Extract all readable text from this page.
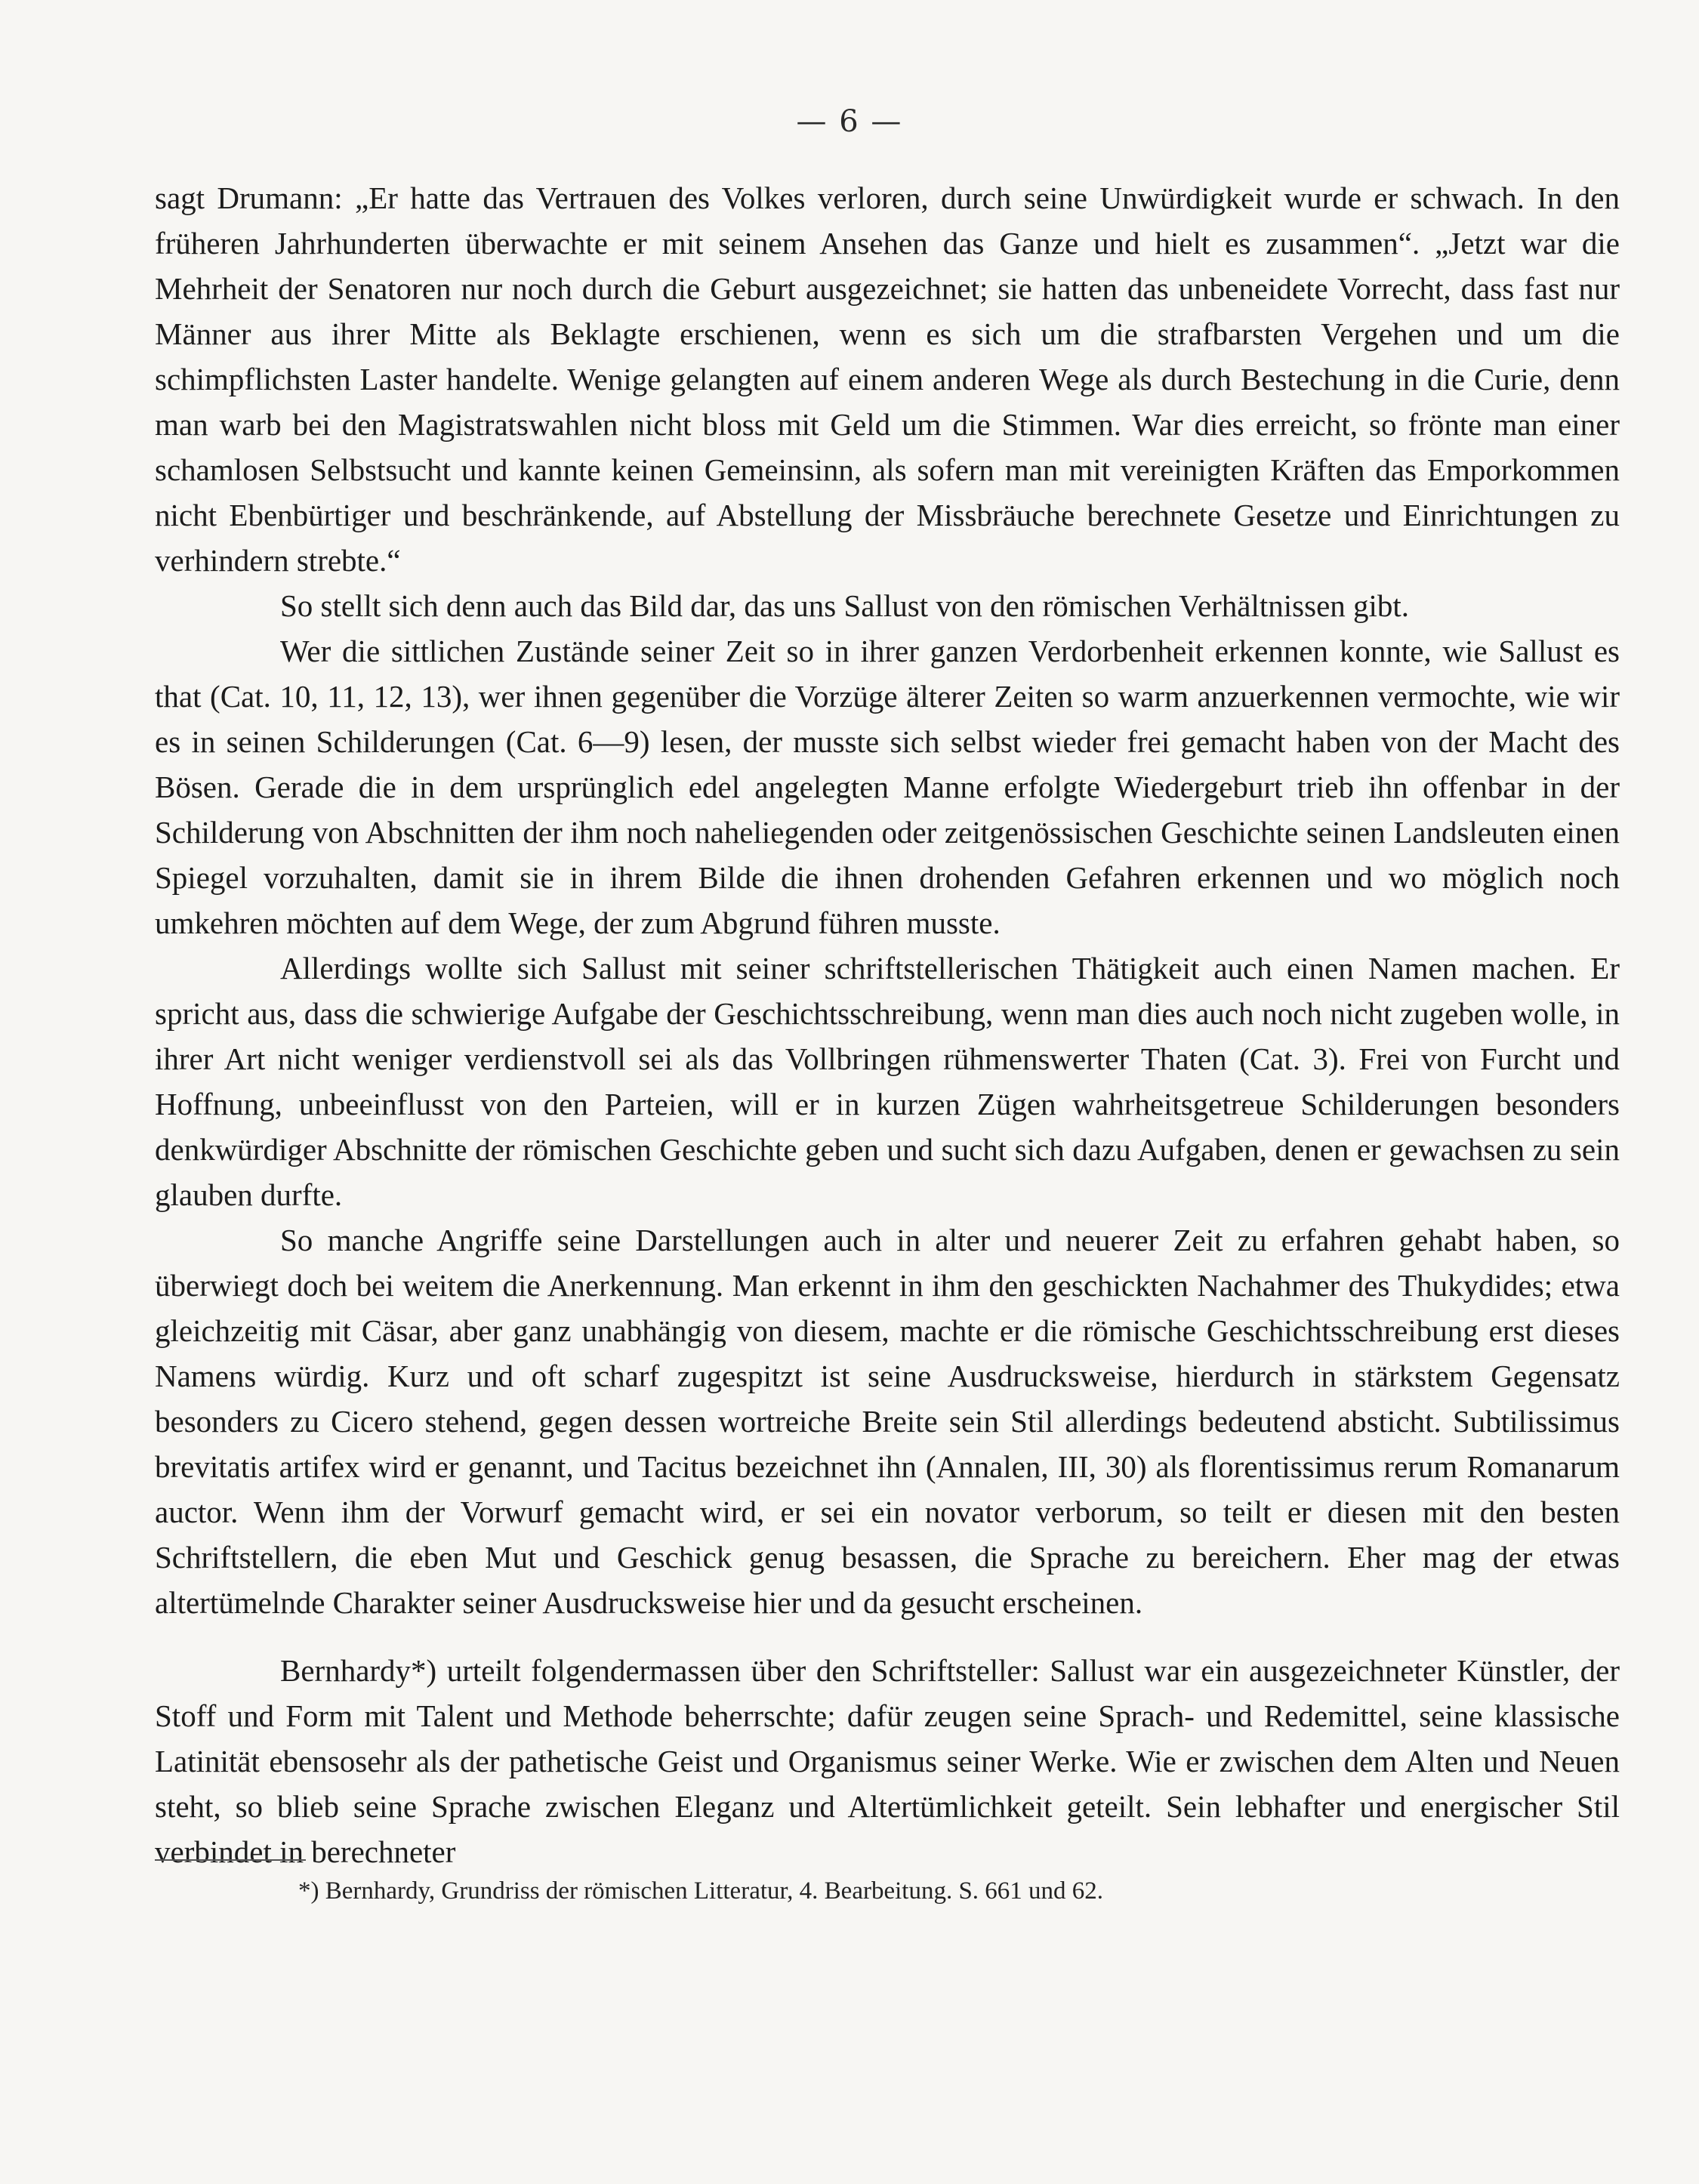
— 6 —

sagt Drumann: „Er hatte das Vertrauen des Volkes verloren, durch seine Unwürdigkeit wurde er schwach. In den früheren Jahrhunderten überwachte er mit seinem Ansehen das Ganze und hielt es zusammen“. „Jetzt war die Mehrheit der Senatoren nur noch durch die Geburt ausgezeichnet; sie hatten das unbeneidete Vorrecht, dass fast nur Männer aus ihrer Mitte als Beklagte erschienen, wenn es sich um die strafbarsten Vergehen und um die schimpflichsten Laster handelte. Wenige gelangten auf einem anderen Wege als durch Bestechung in die Curie, denn man warb bei den Magistratswahlen nicht bloss mit Geld um die Stimmen. War dies erreicht, so frönte man einer schamlosen Selbstsucht und kannte keinen Gemeinsinn, als sofern man mit vereinigten Kräften das Emporkommen nicht Ebenbürtiger und beschränkende, auf Abstellung der Missbräuche berechnete Gesetze und Einrichtungen zu verhindern strebte.“

So stellt sich denn auch das Bild dar, das uns Sallust von den römischen Verhältnissen gibt.

Wer die sittlichen Zustände seiner Zeit so in ihrer ganzen Verdorbenheit erkennen konnte, wie Sallust es that (Cat. 10, 11, 12, 13), wer ihnen gegenüber die Vorzüge älterer Zeiten so warm anzuerkennen vermochte, wie wir es in seinen Schilderungen (Cat. 6—9) lesen, der musste sich selbst wieder frei gemacht haben von der Macht des Bösen. Gerade die in dem ursprünglich edel angelegten Manne erfolgte Wiedergeburt trieb ihn offenbar in der Schilderung von Abschnitten der ihm noch naheliegenden oder zeitgenössischen Geschichte seinen Landsleuten einen Spiegel vorzuhalten, damit sie in ihrem Bilde die ihnen drohenden Gefahren erkennen und wo möglich noch umkehren möchten auf dem Wege, der zum Abgrund führen musste.

Allerdings wollte sich Sallust mit seiner schriftstellerischen Thätigkeit auch einen Namen machen. Er spricht aus, dass die schwierige Aufgabe der Geschichtsschreibung, wenn man dies auch noch nicht zugeben wolle, in ihrer Art nicht weniger verdienstvoll sei als das Vollbringen rühmenswerter Thaten (Cat. 3). Frei von Furcht und Hoffnung, unbeeinflusst von den Parteien, will er in kurzen Zügen wahrheitsgetreue Schilderungen besonders denkwürdiger Abschnitte der römischen Geschichte geben und sucht sich dazu Aufgaben, denen er gewachsen zu sein glauben durfte.

So manche Angriffe seine Darstellungen auch in alter und neuerer Zeit zu erfahren gehabt haben, so überwiegt doch bei weitem die Anerkennung. Man erkennt in ihm den geschickten Nachahmer des Thukydides; etwa gleichzeitig mit Cäsar, aber ganz unabhängig von diesem, machte er die römische Geschichtsschreibung erst dieses Namens würdig. Kurz und oft scharf zugespitzt ist seine Ausdrucksweise, hierdurch in stärkstem Gegensatz besonders zu Cicero stehend, gegen dessen wortreiche Breite sein Stil allerdings bedeutend absticht. Subtilissimus brevitatis artifex wird er genannt, und Tacitus bezeichnet ihn (Annalen, III, 30) als florentissimus rerum Romanarum auctor. Wenn ihm der Vorwurf gemacht wird, er sei ein novator verborum, so teilt er diesen mit den besten Schriftstellern, die eben Mut und Geschick genug besassen, die Sprache zu bereichern. Eher mag der etwas altertümelnde Charakter seiner Ausdrucksweise hier und da gesucht erscheinen.

Bernhardy*) urteilt folgendermassen über den Schriftsteller: Sallust war ein ausgezeichneter Künstler, der Stoff und Form mit Talent und Methode beherrschte; dafür zeugen seine Sprach- und Redemittel, seine klassische Latinität ebensosehr als der pathetische Geist und Organismus seiner Werke. Wie er zwischen dem Alten und Neuen steht, so blieb seine Sprache zwischen Eleganz und Altertümlichkeit geteilt. Sein lebhafter und energischer Stil verbindet in berechneter

*) Bernhardy, Grundriss der römischen Litteratur, 4. Bearbeitung. S. 661 und 62.
